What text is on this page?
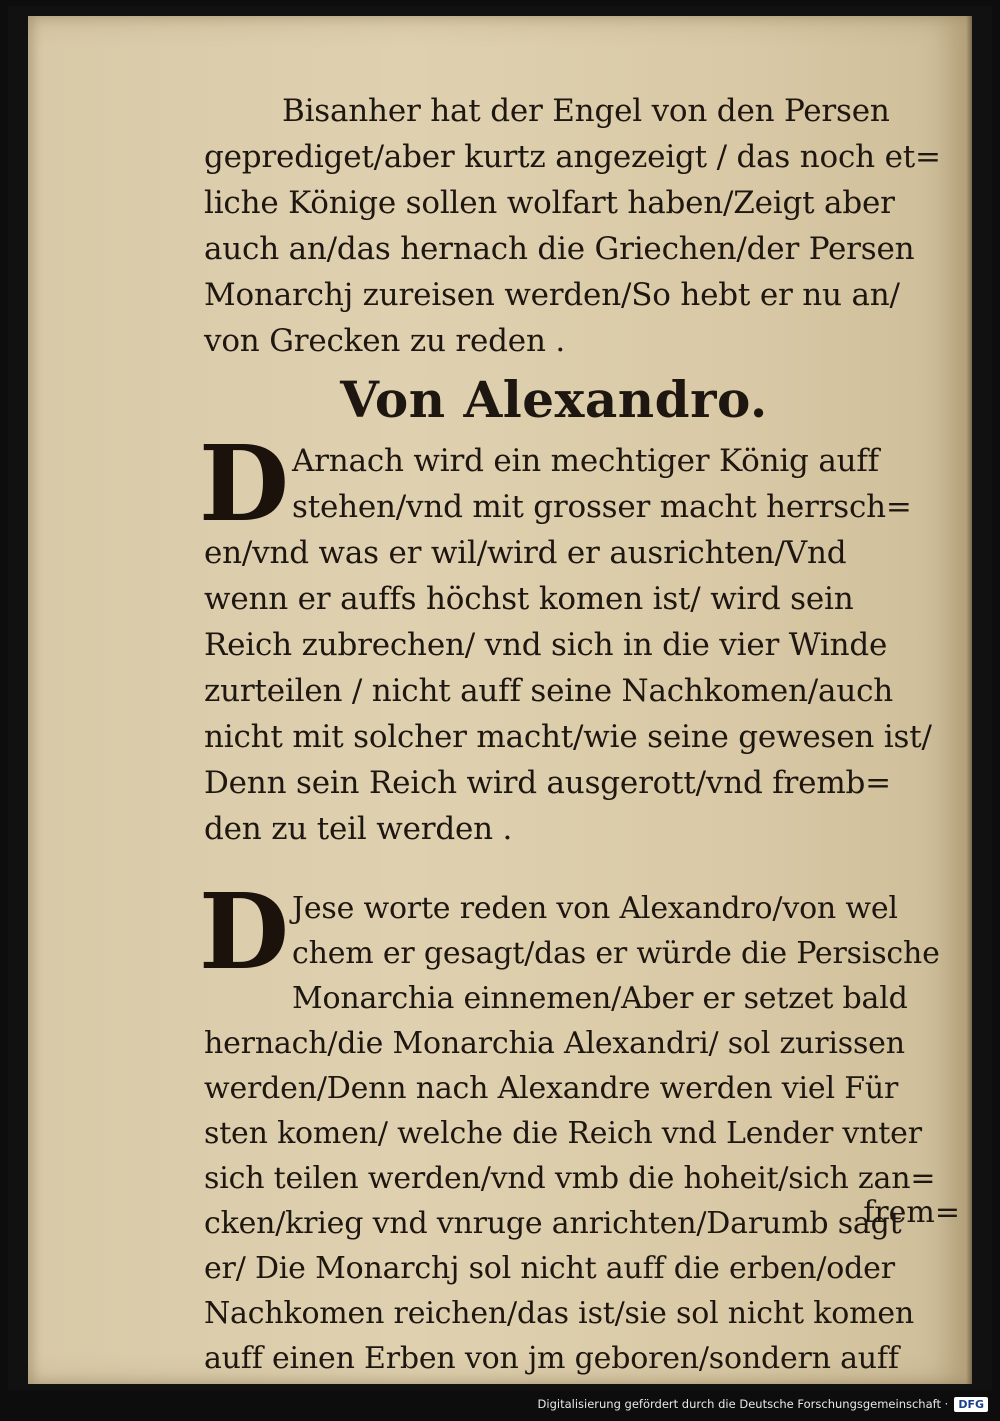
Bisanher hat der Engel von den Persen
geprediget/aber kurtz angezeigt / das noch et=
liche Könige sollen wolfart haben/Zeigt aber
auch an/das hernach die Griechen/der Persen
Monarchj zureisen werden/So hebt er nu an/
von Grecken zu reden .
Von Alexandro.
D Arnach wird ein mechtiger König auff
stehen/vnd mit grosser macht herrsch=
en/vnd was er wil/wird er ausrichten/Vnd
wenn er auffs höchst komen ist/ wird sein
Reich zubrechen/ vnd sich in die vier Winde
zurteilen / nicht auff seine Nachkomen/auch
nicht mit solcher macht/wie seine gewesen ist/
Denn sein Reich wird ausgerott/vnd fremb=
den zu teil werden .
D Jese worte reden von Alexandro/von wel
chem er gesagt/das er würde die Persische
Monarchia einnemen/Aber er setzet bald
hernach/die Monarchia Alexandri/ sol zurissen
werden/Denn nach Alexandre werden viel Für
sten komen/ welche die Reich vnd Lender vnter
sich teilen werden/vnd vmb die hoheit/sich zan=
cken/krieg vnd vnruge anrichten/Darumb sagt
er/ Die Monarchj sol nicht auff die erben/oder
Nachkomen reichen/das ist/sie sol nicht komen
auff einen Erben von jm geboren/sondern auff
frem=
Digitalisierung gefördert durch die Deutsche Forschungsgemeinschaft · DFG
